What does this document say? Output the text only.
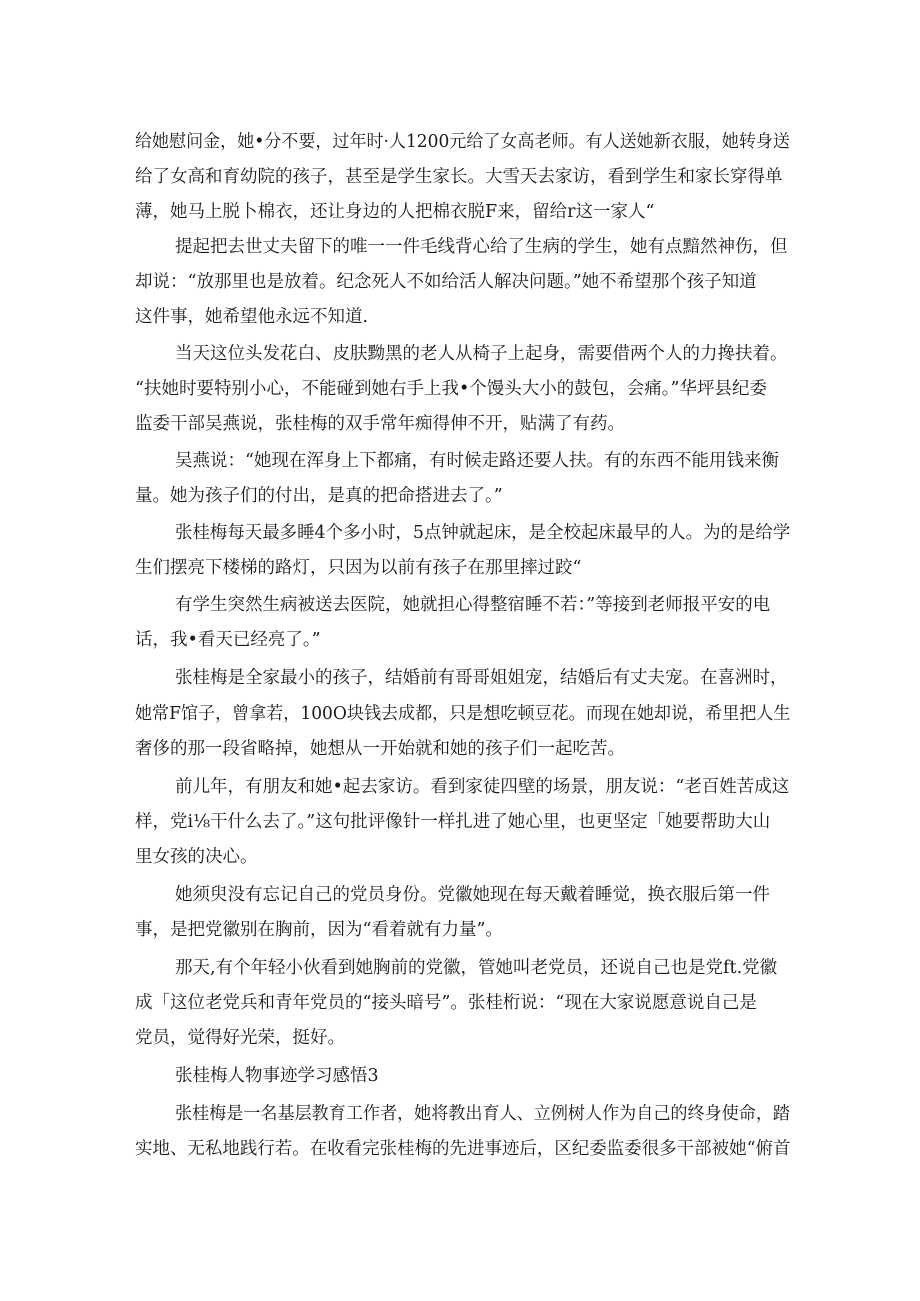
给她慰问金，她•分不要，过年时·人1200元给了女高老师。有人送她新衣服，她转身送
给了女高和育幼院的孩子，甚至是学生家长。大雪天去家访，看到学生和家长穿得单
薄，她马上脱卜棉衣，还让身边的人把棉衣脱F来，留给r这一家人“
提起把去世丈夫留下的唯一一件毛线背心给了生病的学生，她有点黯然神伤，但
却说：“放那里也是放着。纪念死人不如给活人解决问题。”她不希望那个孩子知道
这件事，她希望他永远不知道.
当天这位头发花白、皮肤黝黑的老人从椅子上起身，需要借两个人的力搀扶着。
“扶她时要特别小心，不能碰到她右手上我•个馒头大小的鼓包，会痛。”华坪县纪委
监委干部吴燕说，张桂梅的双手常年痴得伸不开，贴满了有药。
吴燕说：“她现在浑身上下都痛，有时候走路还要人扶。有的东西不能用钱来衡
量。她为孩子们的付出，是真的把命搭进去了。”
张桂梅每天最多睡4个多小时，5点钟就起床，是全校起床最早的人。为的是给学
生们摆亮下楼梯的路灯，只因为以前有孩子在那里摔过跤“
有学生突然生病被送去医院，她就担心得整宿睡不若：”等接到老师报平安的电
话，我•看天已经亮了。”
张桂梅是全家最小的孩子，结婚前有哥哥姐姐宠，结婚后有丈夫宠。在喜洲时，
她常F馆子，曾拿若，100O块钱去成都，只是想吃顿豆花。而现在她却说，希里把人生
奢侈的那一段省略掉，她想从一开始就和她的孩子们一起吃苦。
前儿年，有朋友和她•起去家访。看到家徒四壁的场景，朋友说：“老百姓苦成这
样，党i⅛干什么去了。”这句批评像针一样扎进了她心里，也更坚定「她要帮助大山
里女孩的决心。
她须臾没有忘记自己的党员身份。党徽她现在每天戴着睡觉，换衣服后第一件
事，是把党徽别在胸前，因为“看着就有力量”。
那天,有个年轻小伙看到她胸前的党徽，管她叫老党员，还说自己也是党ft.党徽
成「这位老党兵和青年党员的“接头暗号”。张桂桁说：“现在大家说愿意说自己是
党员，觉得好光荣，挺好。
张桂梅人物事迹学习感悟3
张桂梅是一名基层教育工作者，她将教出育人、立例树人作为自己的终身使命，踏
实地、无私地践行若。在收看完张桂梅的先进事迹后，区纪委监委很多干部被她“俯首
